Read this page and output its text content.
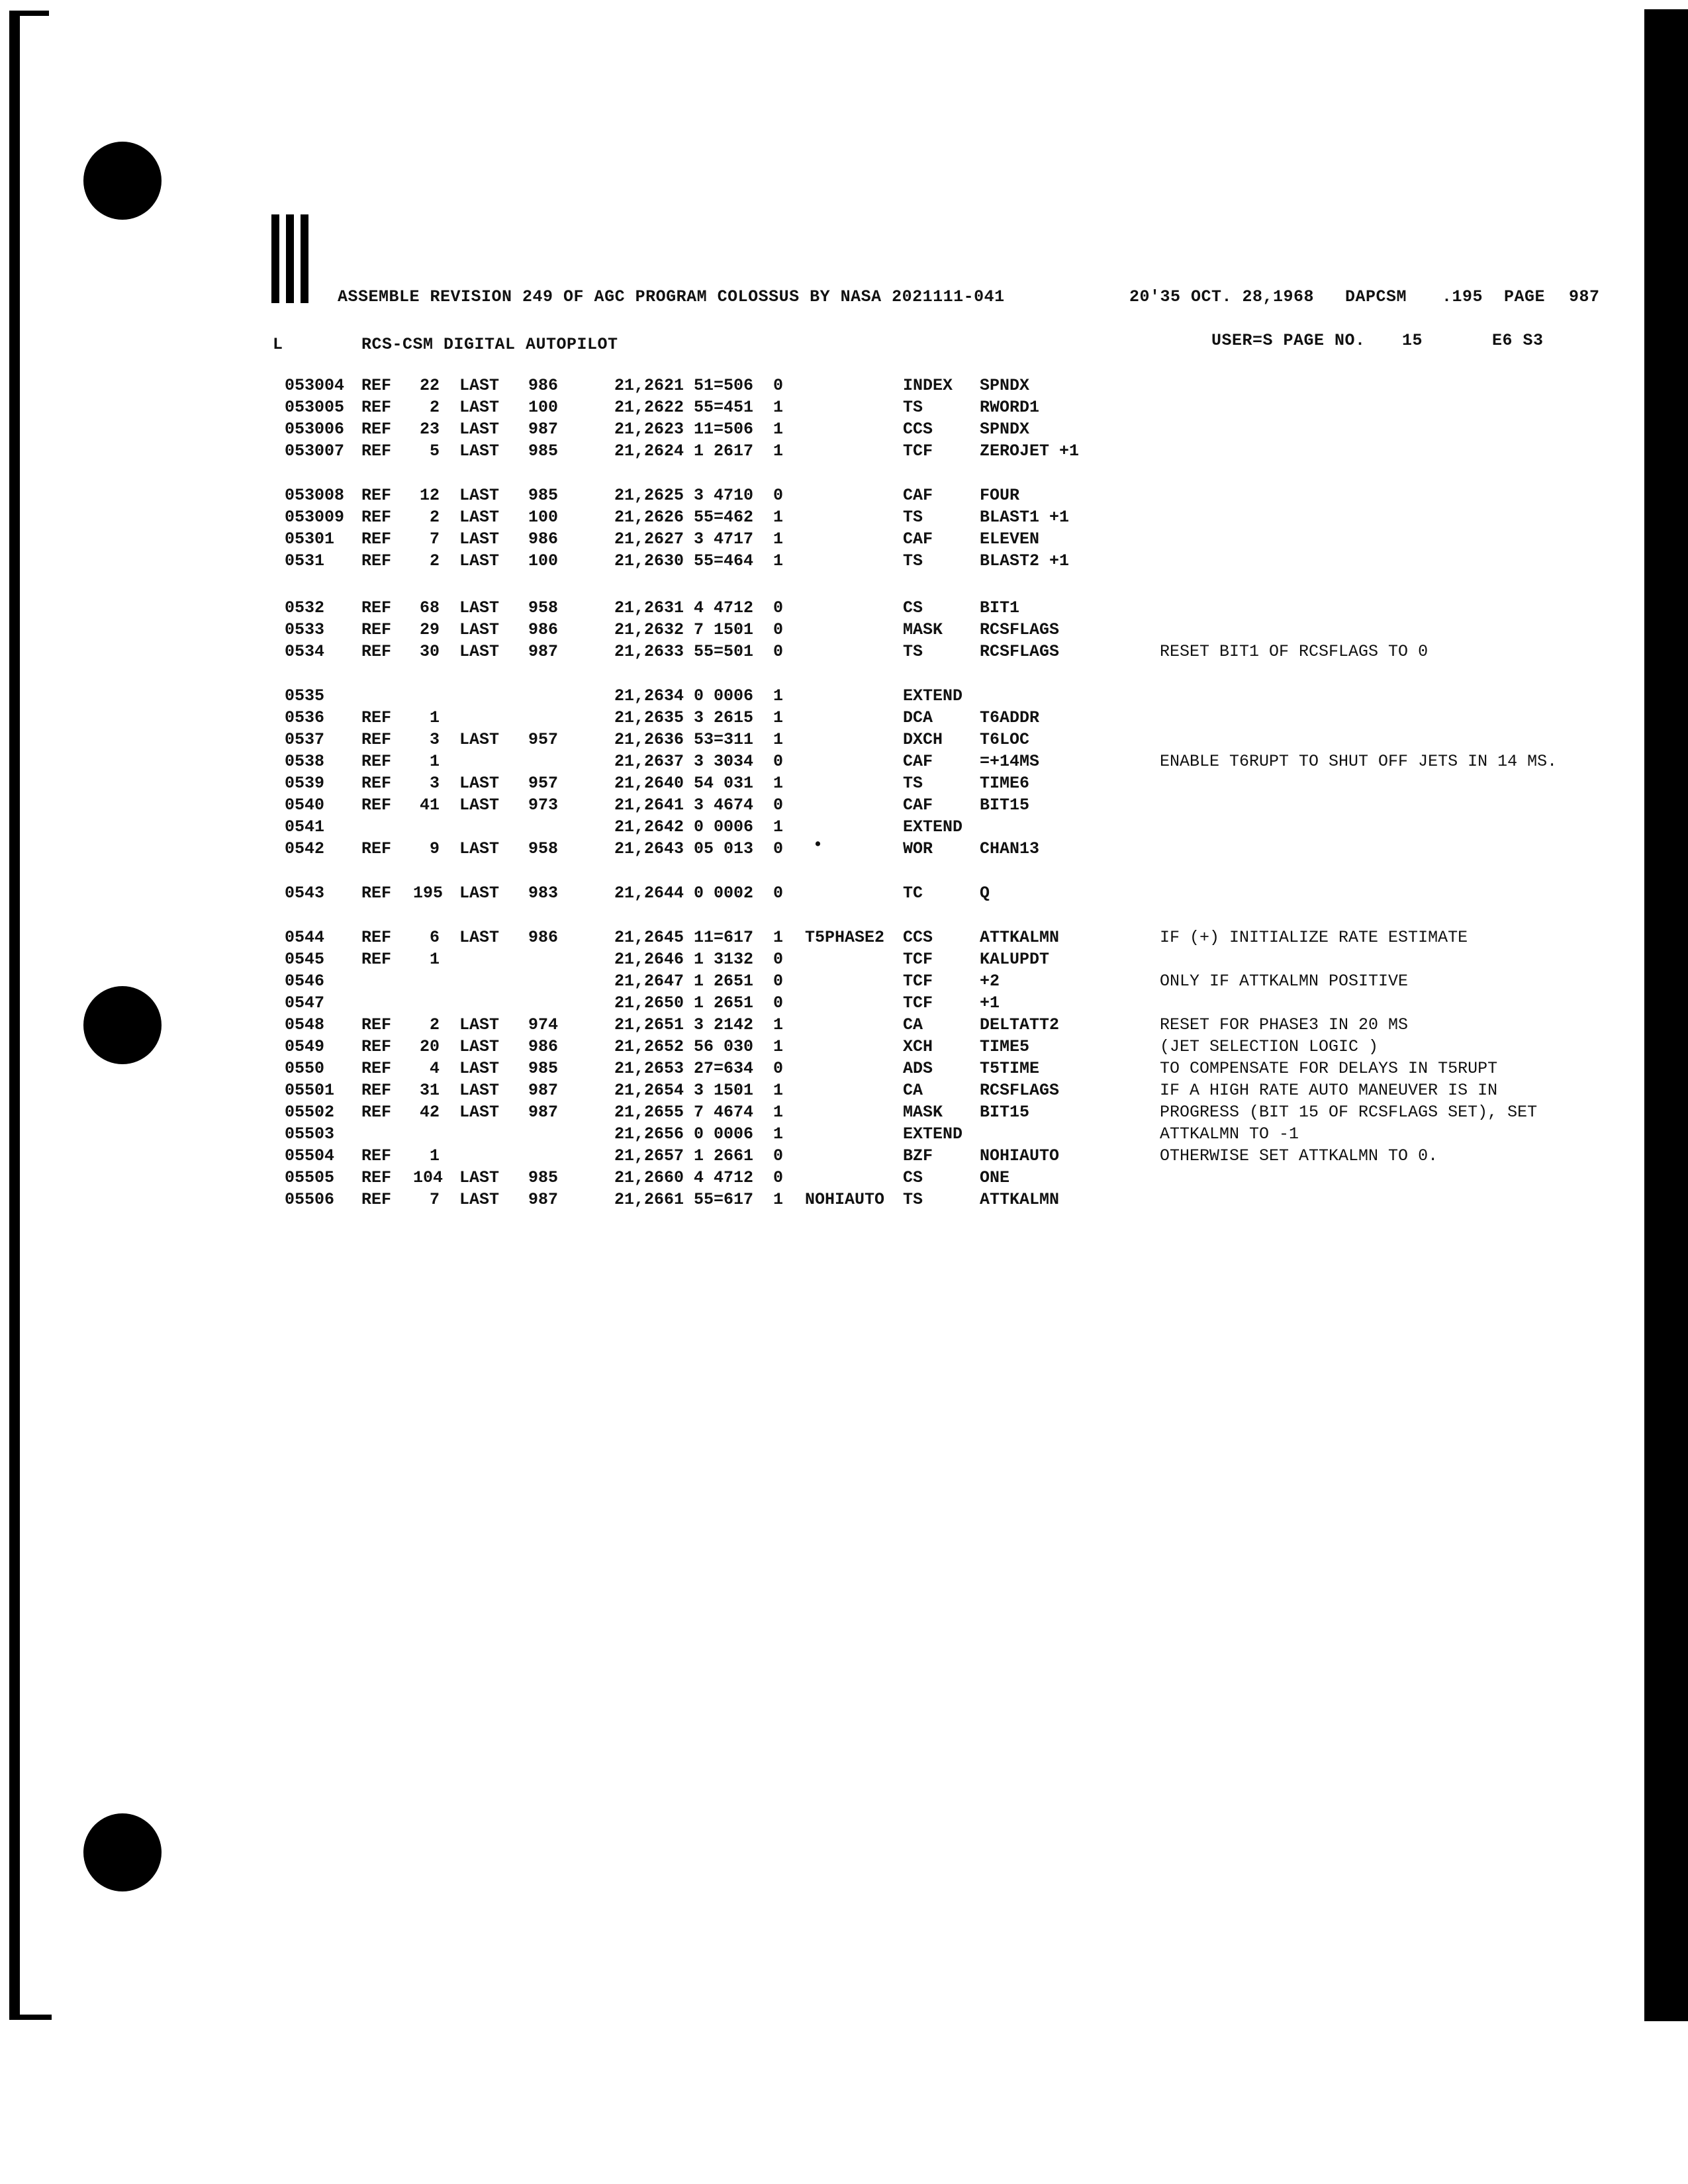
ASSEMBLE REVISION 249 OF AGC PROGRAM COLOSSUS BY NASA 2021111-041	20'35 OCT. 28,1968 DAPCSM .195 PAGE 987
L	RCS-CSM DIGITAL AUTOPILOT	USER=S PAGE NO. 15	E6 S3
053004 REF	22 LAST 986	21,2621 51=506 0	INDEX SPNDX
053005 REF	2 LAST 100	21,2622 55=451 1	TS	RWORD1
053006 REF	23 LAST 987	21,2623 11=506 1	CCS	SPNDX
053007 REF	5 LAST 985	21,2624 1 2617 1	TCF	ZEROJET +1
053008 REF	12 LAST 985	21,2625 3 4710 0	CAF	FOUR
053009 REF	2 LAST 100	21,2626 55=462 1	TS	BLAST1 +1
05301 REF	7 LAST 986	21,2627 3 4717 1	CAF	ELEVEN
0531 REF	2 LAST 100	21,2630 55=464 1	TS	BLAST2 +1
0532 REF	68 LAST 958	21,2631 4 4712 0	CS	BIT1
0533 REF	29 LAST 986	21,2632 7 1501 0	MASK RCSFLAGS
0534 REF	30 LAST 987	21,2633 55=501 0	TS	RCSFLAGS	RESET BIT1 OF RCSFLAGS TO 0
0535	21,2634 0 0006 1	EXTEND
0536 REF	1	21,2635 3 2615 1	DCA	T6ADDR
0537 REF	3 LAST 957	21,2636 53=311 1	DXCH T6LOC
0538 REF	1	21,2637 3 3034 0	CAF	=+14MS	ENABLE T6RUPT TO SHUT OFF JETS IN 14 MS.
0539 REF	3 LAST 957	21,2640 54 031 1	TS	TIME6
0540 REF	41 LAST 973	21,2641 3 4674 0	CAF	BIT15
0541	21,2642 0 0006 1	EXTEND
0542 REF	9 LAST 958	21,2643 05 013 0	WOR	CHAN13
0543 REF 195 LAST 983	21,2644 0 0002 0	TC	Q
0544 REF	6 LAST 986	21,2645 11=617 1 T5PHASE2 CCS	ATTKALMN	IF (+) INITIALIZE RATE ESTIMATE
0545 REF	1	21,2646 1 3132 0	TCF	KALUPDT
0546	21,2647 1 2651 0	TCF	+2	ONLY IF ATTKALMN POSITIVE
0547	21,2650 1 2651 0	TCF	+1
0548 REF	2 LAST 974	21,2651 3 2142 1	CA	DELTATT2	RESET FOR PHASE3 IN 20 MS
0549 REF	20 LAST 986	21,2652 56 030 1	XCH	TIME5	(JET SELECTION LOGIC )
0550 REF	4 LAST 985	21,2653 27=634 0	ADS	T5TIME	TO COMPENSATE FOR DELAYS IN T5RUPT
05501 REF	31 LAST 987	21,2654 3 1501 1	CA	RCSFLAGS	IF A HIGH RATE AUTO MANEUVER IS IN
05502 REF	42 LAST 987	21,2655 7 4674 1	MASK BIT15	PROGRESS (BIT 15 OF RCSFLAGS SET), SET
05503	21,2656 0 0006 1	EXTEND	ATTKALMN TO -1
05504 REF	1	21,2657 1 2661 0	BZF	NOHIAUTO	OTHERWISE SET ATTKALMN TO 0.
05505 REF 104 LAST 985	21,2660 4 4712 0	CS	ONE
05506 REF	7 LAST 987	21,2661 55=617 1 NOHIAUTO TS	ATTKALMN
•
